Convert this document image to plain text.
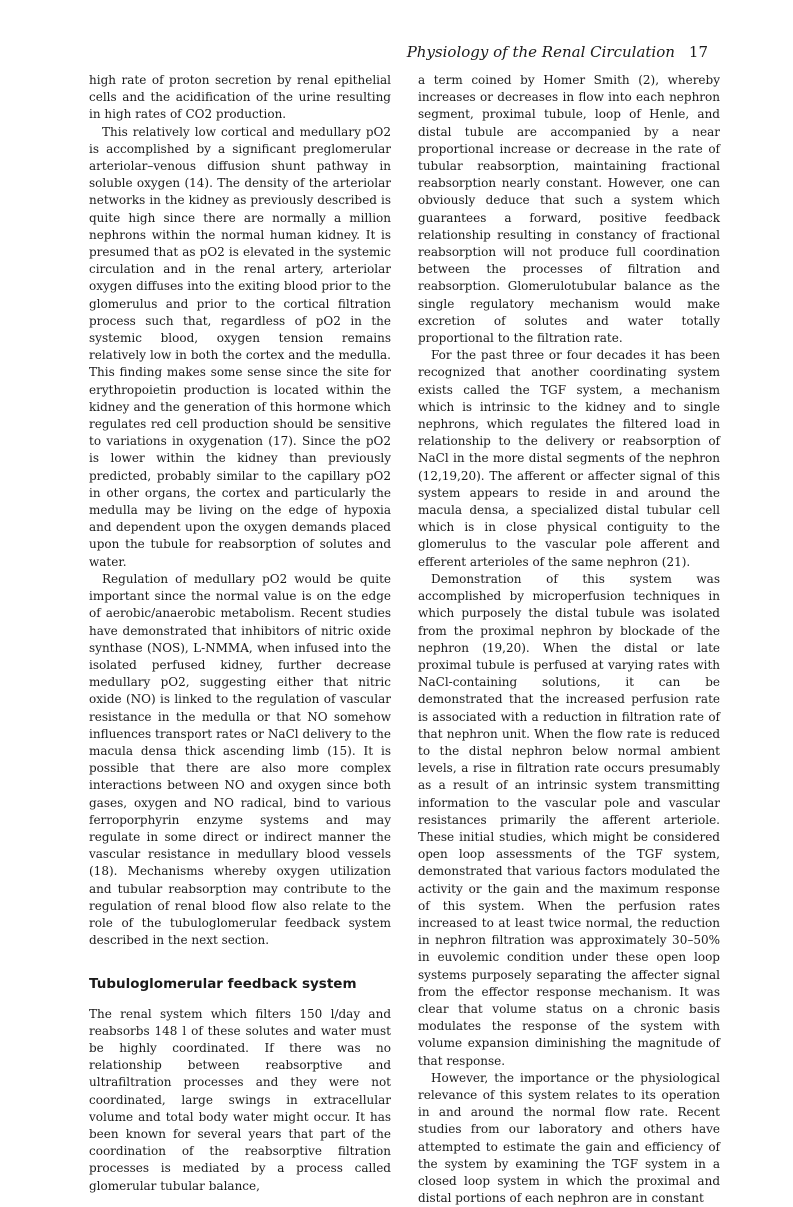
Physiology of the Renal Circulation 17

high rate of proton secretion by renal epithelial cells and the acidification of the urine resulting in high rates of CO2 production.

This relatively low cortical and medullary pO2 is accomplished by a significant preglomerular arteriolar–venous diffusion shunt pathway in soluble oxygen (14). The density of the arteriolar networks in the kidney as previously described is quite high since there are normally a million nephrons within the normal human kidney. It is presumed that as pO2 is elevated in the systemic circulation and in the renal artery, arteriolar oxygen diffuses into the exiting blood prior to the glomerulus and prior to the cortical filtration process such that, regardless of pO2 in the systemic blood, oxygen tension remains relatively low in both the cortex and the medulla. This finding makes some sense since the site for erythropoietin production is located within the kidney and the generation of this hormone which regulates red cell production should be sensitive to variations in oxygenation (17). Since the pO2 is lower within the kidney than previously predicted, probably similar to the capillary pO2 in other organs, the cortex and particularly the medulla may be living on the edge of hypoxia and dependent upon the oxygen demands placed upon the tubule for reabsorption of solutes and water.

Regulation of medullary pO2 would be quite important since the normal value is on the edge of aerobic/anaerobic metabolism. Recent studies have demonstrated that inhibitors of nitric oxide synthase (NOS), L-NMMA, when infused into the isolated perfused kidney, further decrease medullary pO2, suggesting either that nitric oxide (NO) is linked to the regulation of vascular resistance in the medulla or that NO somehow influences transport rates or NaCl delivery to the macula densa thick ascending limb (15). It is possible that there are also more complex interactions between NO and oxygen since both gases, oxygen and NO radical, bind to various ferroporphyrin enzyme systems and may regulate in some direct or indirect manner the vascular resistance in medullary blood vessels (18). Mechanisms whereby oxygen utilization and tubular reabsorption may contribute to the regulation of renal blood flow also relate to the role of the tubuloglomerular feedback system described in the next section.

Tubuloglomerular feedback system

The renal system which filters 150 l/day and reabsorbs 148 l of these solutes and water must be highly coordinated. If there was no relationship between reabsorptive and ultrafiltration processes and they were not coordinated, large swings in extracellular volume and total body water might occur. It has been known for several years that part of the coordination of the reabsorptive filtration processes is mediated by a process called glomerular tubular balance,

a term coined by Homer Smith (2), whereby increases or decreases in flow into each nephron segment, proximal tubule, loop of Henle, and distal tubule are accompanied by a near proportional increase or decrease in the rate of tubular reabsorption, maintaining fractional reabsorption nearly constant. However, one can obviously deduce that such a system which guarantees a forward, positive feedback relationship resulting in constancy of fractional reabsorption will not produce full coordination between the processes of filtration and reabsorption. Glomerulotubular balance as the single regulatory mechanism would make excretion of solutes and water totally proportional to the filtration rate.

For the past three or four decades it has been recognized that another coordinating system exists called the TGF system, a mechanism which is intrinsic to the kidney and to single nephrons, which regulates the filtered load in relationship to the delivery or reabsorption of NaCl in the more distal segments of the nephron (12,19,20). The afferent or affecter signal of this system appears to reside in and around the macula densa, a specialized distal tubular cell which is in close physical contiguity to the glomerulus to the vascular pole afferent and efferent arterioles of the same nephron (21).

Demonstration of this system was accomplished by microperfusion techniques in which purposely the distal tubule was isolated from the proximal nephron by blockade of the nephron (19,20). When the distal or late proximal tubule is perfused at varying rates with NaCl-containing solutions, it can be demonstrated that the increased perfusion rate is associated with a reduction in filtration rate of that nephron unit. When the flow rate is reduced to the distal nephron below normal ambient levels, a rise in filtration rate occurs presumably as a result of an intrinsic system transmitting information to the vascular pole and vascular resistances primarily the afferent arteriole. These initial studies, which might be considered open loop assessments of the TGF system, demonstrated that various factors modulated the activity or the gain and the maximum response of this system. When the perfusion rates increased to at least twice normal, the reduction in nephron filtration was approximately 30–50% in euvolemic condition under these open loop systems purposely separating the affecter signal from the effector response mechanism. It was clear that volume status on a chronic basis modulates the response of the system with volume expansion diminishing the magnitude of that response.

However, the importance or the physiological relevance of this system relates to its operation in and around the normal flow rate. Recent studies from our laboratory and others have attempted to estimate the gain and efficiency of the system by examining the TGF system in a closed loop system in which the proximal and distal portions of each nephron are in constant
